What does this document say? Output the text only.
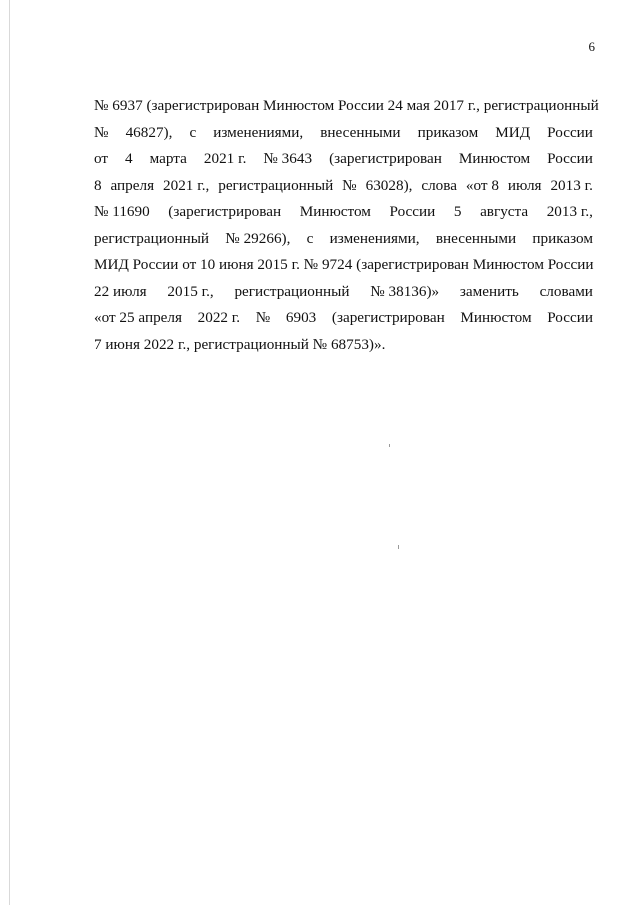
6
№ 6937 (зарегистрирован Минюстом России 24 мая 2017 г., регистрационный
№ 46827), с изменениями, внесенными приказом МИД России
от 4 марта 2021 г. № 3643 (зарегистрирован Минюстом России
8 апреля 2021 г., регистрационный № 63028), слова «от 8 июля 2013 г.
№ 11690 (зарегистрирован Минюстом России 5 августа 2013 г.,
регистрационный № 29266), с изменениями, внесенными приказом
МИД России от 10 июня 2015 г. № 9724 (зарегистрирован Минюстом России
22 июля 2015 г., регистрационный № 38136)» заменить словами
«от 25 апреля 2022 г. № 6903 (зарегистрирован Минюстом России
7 июня 2022 г., регистрационный № 68753)».
